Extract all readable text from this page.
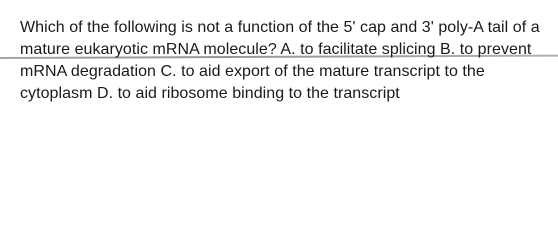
Which of the following is not a function of the 5' cap and 3' poly-A tail of a mature eukaryotic mRNA molecule? A. to facilitate splicing B. to prevent mRNA degradation C. to aid export of the mature transcript to the cytoplasm D. to aid ribosome binding to the transcript
